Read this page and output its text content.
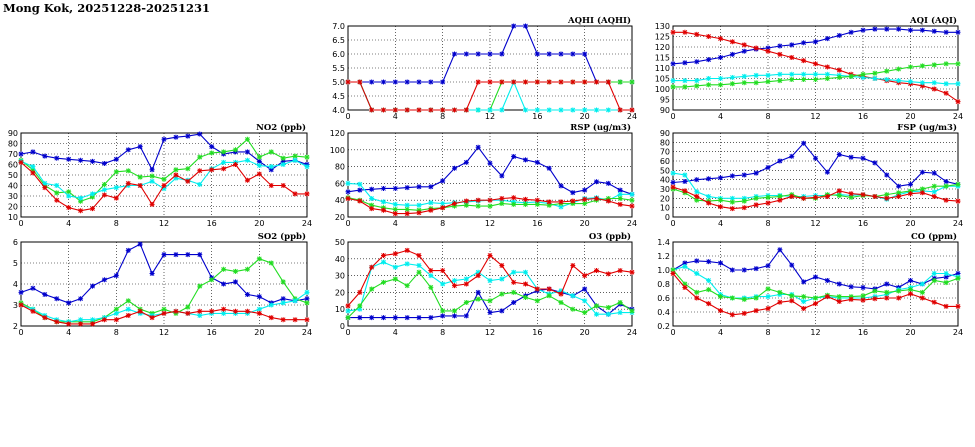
Mong Kok, 20251228-20251231
0	4	8	12	16	20	24
4.0
4.5
5.0
5.5
6.0
6.5
7.0
AQHI (AQHI)
0	4	8	12	16	20	24
90
95
100
105
110
115
120
125
130
AQI (AQI)
0	4	8	12	16	20	24
10
20
30
40
50
60
70
80
90
NO2 (ppb)
0	4	8	12	16	20	24
20
40
60
80
100
120
RSP (ug/m3)
0	4	8	12	16	20	24
0
10
20
30
40
50
60
70
80
90
FSP (ug/m3)
0	4	8	12	16	20	24
2
3
4
5
6
SO2 (ppb)
0	4	8	12	16	20	24
0
10
20
30
40
50
O3 (ppb)
0	4	8	12	16	20	24
0.2
0.4
0.6
0.8
1.0
1.2
1.4
CO (ppm)
